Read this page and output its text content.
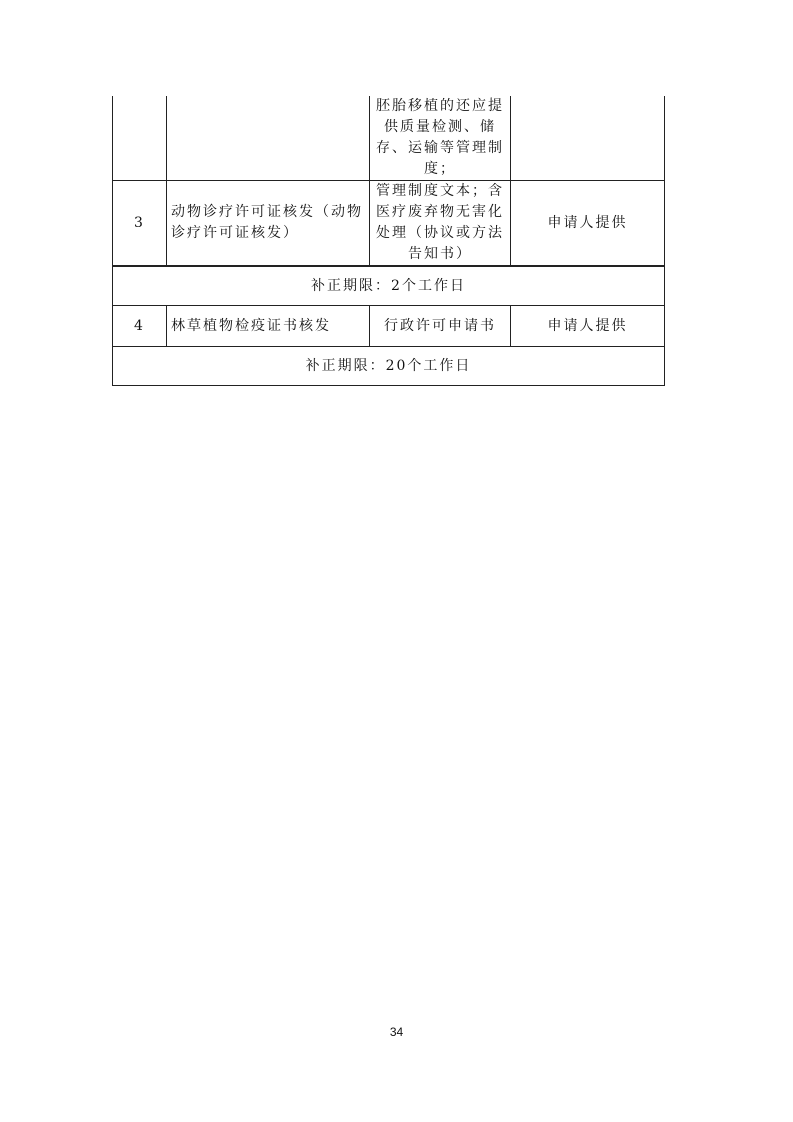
		胚胎移植的还应提供质量检测、储存、运输等管理制度；	
3	动物诊疗许可证核发（动物诊疗许可证核发）	管理制度文本；含医疗废弃物无害化处理（协议或方法告知书）	申请人提供
补正期限：2个工作日			
4	林草植物检疫证书核发	行政许可申请书	申请人提供
补正期限：20个工作日			
34
